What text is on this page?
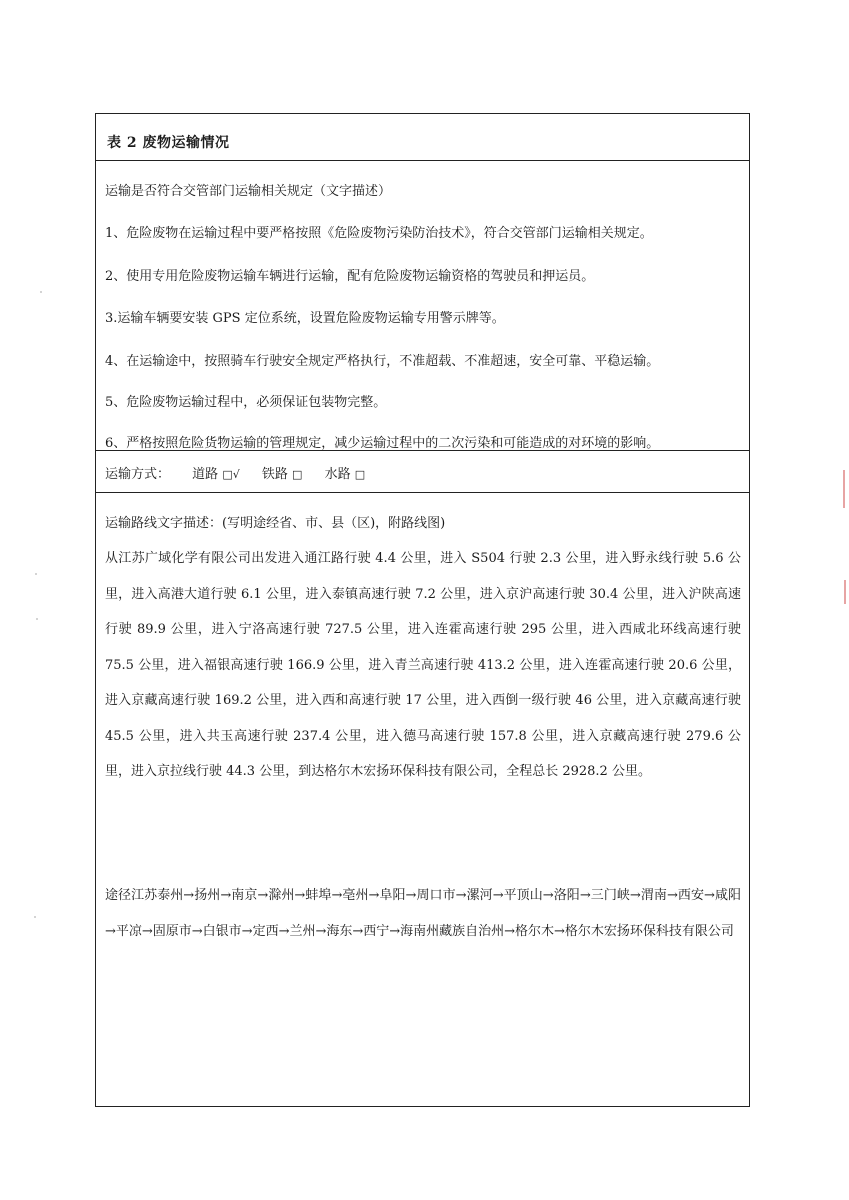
表 2 废物运输情况
运输是否符合交管部门运输相关规定（文字描述）
1、危险废物在运输过程中要严格按照《危险废物污染防治技术》，符合交管部门运输相关规定。
2、使用专用危险废物运输车辆进行运输，配有危险废物运输资格的驾驶员和押运员。
3.运输车辆要安装 GPS 定位系统，设置危险废物运输专用警示牌等。
4、在运输途中，按照骑车行驶安全规定严格执行，不准超载、不准超速，安全可靠、平稳运输。
5、危险废物运输过程中，必须保证包装物完整。
6、严格按照危险货物运输的管理规定，减少运输过程中的二次污染和可能造成的对环境的影响。
运输方式： 道路 □√ 铁路 □ 水路 □
运输路线文字描述：(写明途经省、市、县（区)，附路线图)
从江苏广域化学有限公司出发进入通江路行驶 4.4 公里，进入 S504 行驶 2.3 公里，进入野永线行驶 5.6 公里，进入高港大道行驶 6.1 公里，进入泰镇高速行驶 7.2 公里，进入京沪高速行驶 30.4 公里，进入沪陕高速行驶 89.9 公里，进入宁洛高速行驶 727.5 公里，进入连霍高速行驶 295 公里，进入西咸北环线高速行驶 75.5 公里，进入福银高速行驶 166.9 公里，进入青兰高速行驶 413.2 公里，进入连霍高速行驶 20.6 公里，进入京藏高速行驶 169.2 公里，进入西和高速行驶 17 公里，进入西倒一级行驶 46 公里，进入京藏高速行驶 45.5 公里，进入共玉高速行驶 237.4 公里，进入德马高速行驶 157.8 公里，进入京藏高速行驶 279.6 公里，进入京拉线行驶 44.3 公里，到达格尔木宏扬环保科技有限公司，全程总长 2928.2 公里。
途径江苏泰州→扬州→南京→滁州→蚌埠→亳州→阜阳→周口市→漯河→平顶山→洛阳→三门峡→渭南→西安→咸阳→平凉→固原市→白银市→定西→兰州→海东→西宁→海南州藏族自治州→格尔木→格尔木宏扬环保科技有限公司
